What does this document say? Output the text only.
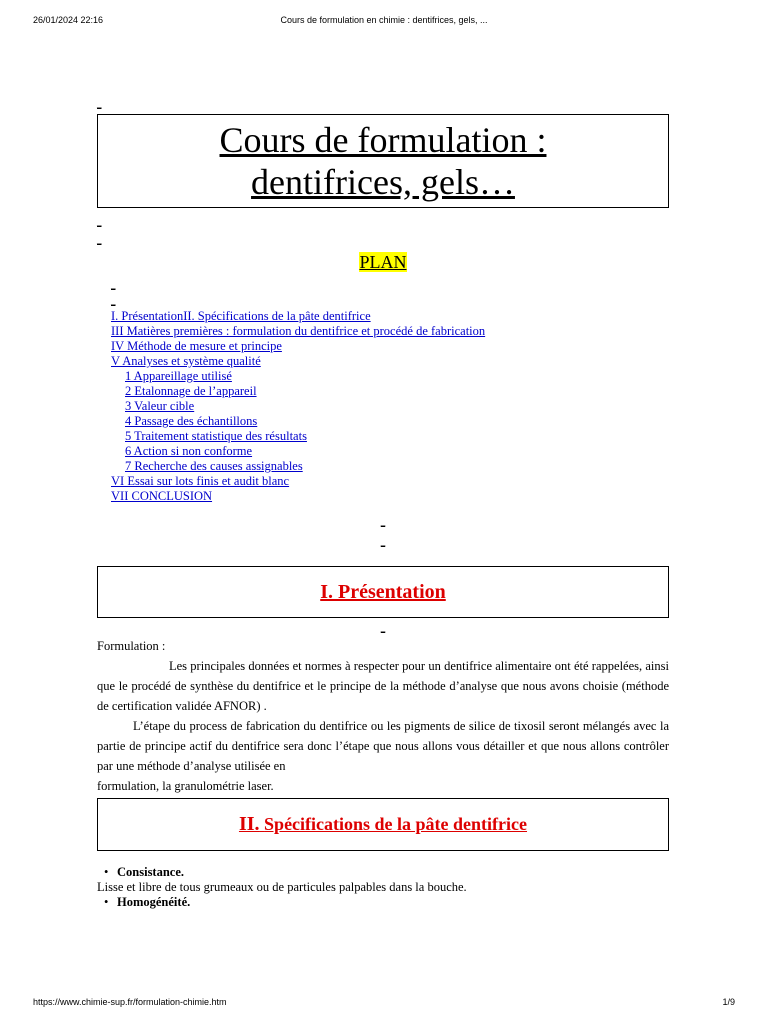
26/01/2024 22:16	Cours de formulation en chimie : dentifrices, gels, ...
_
Cours de formulation : dentifrices, gels…
_
_
PLAN
_
_
I. PrésentationII. Spécifications de la pâte dentifrice
III Matières premières : formulation du dentifrice et procédé de fabrication
IV Méthode de mesure et principe
V Analyses et système qualité
1 Appareillage utilisé
2 Etalonnage de l’appareil
3 Valeur cible
4 Passage des échantillons
5 Traitement statistique des résultats
6 Action si non conforme
7 Recherche des causes assignables
VI Essai sur lots finis et audit blanc
VII CONCLUSION
_
_
I. Présentation
_

Formulation :

Les principales données et normes à respecter pour un dentifrice alimentaire ont été rappelées, ainsi que le procédé de synthèse du dentifrice et le principe de la méthode d’analyse que nous avons choisie (méthode de certification validée AFNOR) .

L’étape du process de fabrication du dentifrice ou les pigments de silice de tixosil seront mélangés avec la partie de principe actif du dentifrice sera donc l’étape que nous allons vous détailler et que nous allons contrôler par une méthode d’analyse utilisée en

formulation, la granulométrie laser.

II. Spécifications de la pâte dentifrice
• Consistance.
Lisse et libre de tous grumeaux ou de particules palpables dans la bouche.
• Homogénéité.
https://www.chimie-sup.fr/formulation-chimie.htm	1/9
